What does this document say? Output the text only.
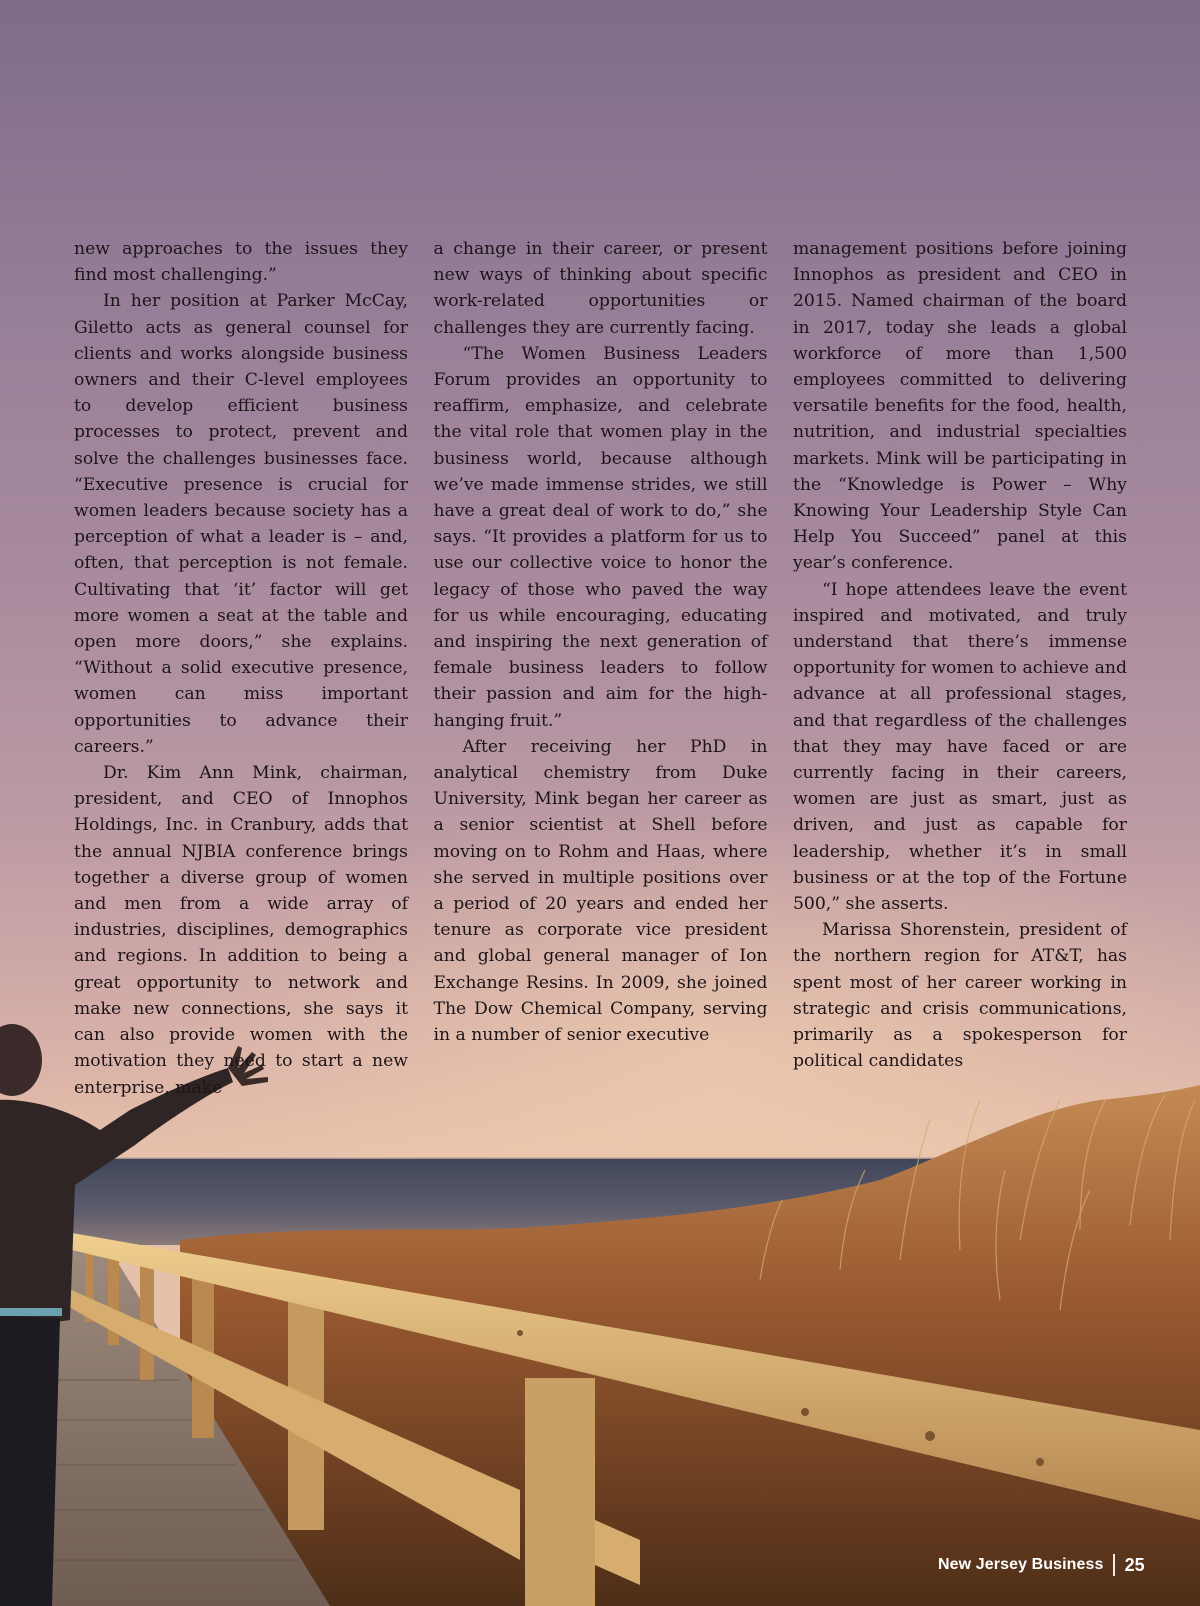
new approaches to the issues they find most challenging.”

In her position at Parker McCay, Giletto acts as general counsel for clients and works alongside business owners and their C-level employees to develop efficient business processes to protect, prevent and solve the challenges businesses face. “Executive presence is crucial for women leaders because society has a perception of what a leader is – and, often, that perception is not female. Cultivating that ‘it’ factor will get more women a seat at the table and open more doors,” she explains. “Without a solid executive presence, women can miss important opportunities to advance their careers.”

Dr. Kim Ann Mink, chairman, president, and CEO of Innophos Holdings, Inc. in Cranbury, adds that the annual NJBIA conference brings together a diverse group of women and men from a wide array of industries, disciplines, demographics and regions. In addition to being a great opportunity to network and make new connections, she says it can also provide women with the motivation they need to start a new enterprise, make

a change in their career, or present new ways of thinking about specific work-related opportunities or challenges they are currently facing.

“The Women Business Leaders Forum provides an opportunity to reaffirm, emphasize, and celebrate the vital role that women play in the business world, because although we’ve made immense strides, we still have a great deal of work to do,” she says. “It provides a platform for us to use our collective voice to honor the legacy of those who paved the way for us while encouraging, educating and inspiring the next generation of female business leaders to follow their passion and aim for the high-hanging fruit.”

After receiving her PhD in analytical chemistry from Duke University, Mink began her career as a senior scientist at Shell before moving on to Rohm and Haas, where she served in multiple positions over a period of 20 years and ended her tenure as corporate vice president and global general manager of Ion Exchange Resins. In 2009, she joined The Dow Chemical Company, serving in a number of senior executive

management positions before joining Innophos as president and CEO in 2015. Named chairman of the board in 2017, today she leads a global workforce of more than 1,500 employees committed to delivering versatile benefits for the food, health, nutrition, and industrial specialties markets. Mink will be participating in the “Knowledge is Power – Why Knowing Your Leadership Style Can Help You Succeed” panel at this year’s conference.

“I hope attendees leave the event inspired and motivated, and truly understand that there’s immense opportunity for women to achieve and advance at all professional stages, and that regardless of the challenges that they may have faced or are currently facing in their careers, women are just as smart, just as driven, and just as capable for leadership, whether it’s in small business or at the top of the Fortune 500,” she asserts.

Marissa Shorenstein, president of the northern region for AT&T, has spent most of her career working in strategic and crisis communications, primarily as a spokesperson for political candidates

New Jersey Business 25
